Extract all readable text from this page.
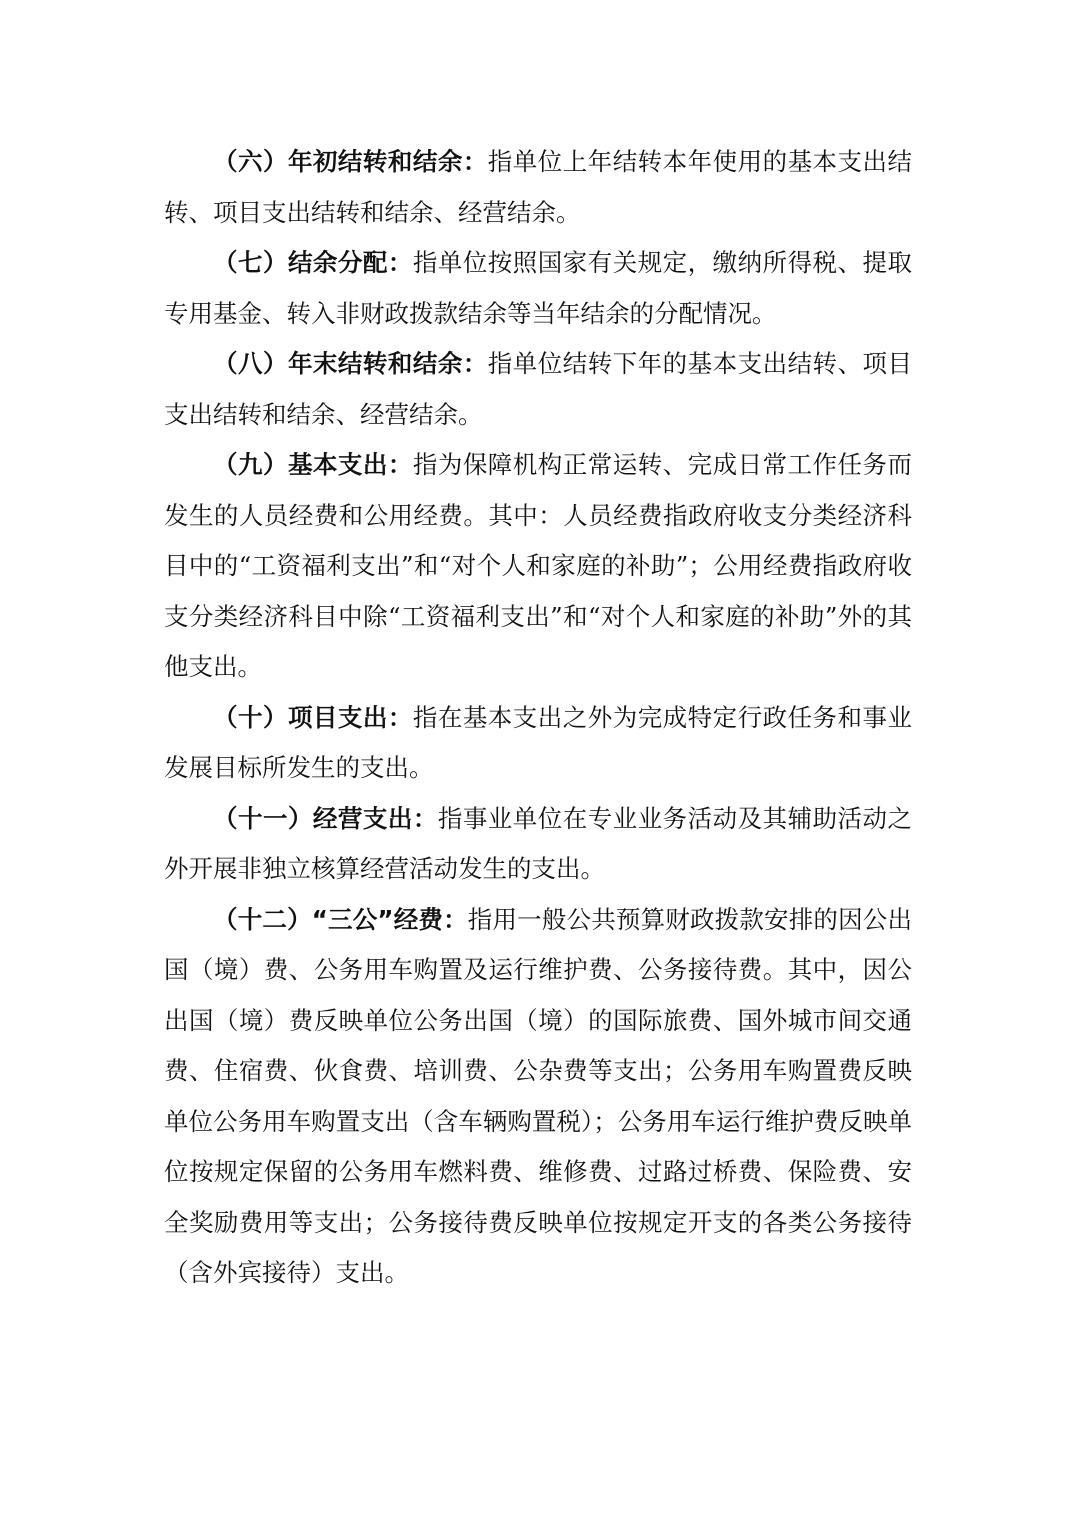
（六）年初结转和结余：指单位上年结转本年使用的基本支出结转、项目支出结转和结余、经营结余。

（七）结余分配：指单位按照国家有关规定，缴纳所得税、提取专用基金、转入非财政拨款结余等当年结余的分配情况。

（八）年末结转和结余：指单位结转下年的基本支出结转、项目支出结转和结余、经营结余。

（九）基本支出：指为保障机构正常运转、完成日常工作任务而发生的人员经费和公用经费。其中：人员经费指政府收支分类经济科目中的“工资福利支出”和“对个人和家庭的补助”；公用经费指政府收支分类经济科目中除“工资福利支出”和“对个人和家庭的补助”外的其他支出。

（十）项目支出：指在基本支出之外为完成特定行政任务和事业发展目标所发生的支出。

（十一）经营支出：指事业单位在专业业务活动及其辅助活动之外开展非独立核算经营活动发生的支出。

（十二）“三公”经费：指用一般公共预算财政拨款安排的因公出国（境）费、公务用车购置及运行维护费、公务接待费。其中，因公出国（境）费反映单位公务出国（境）的国际旅费、国外城市间交通费、住宿费、伙食费、培训费、公杂费等支出；公务用车购置费反映单位公务用车购置支出（含车辆购置税）；公务用车运行维护费反映单位按规定保留的公务用车燃料费、维修费、过路过桥费、保险费、安全奖励费用等支出；公务接待费反映单位按规定开支的各类公务接待（含外宾接待）支出。
